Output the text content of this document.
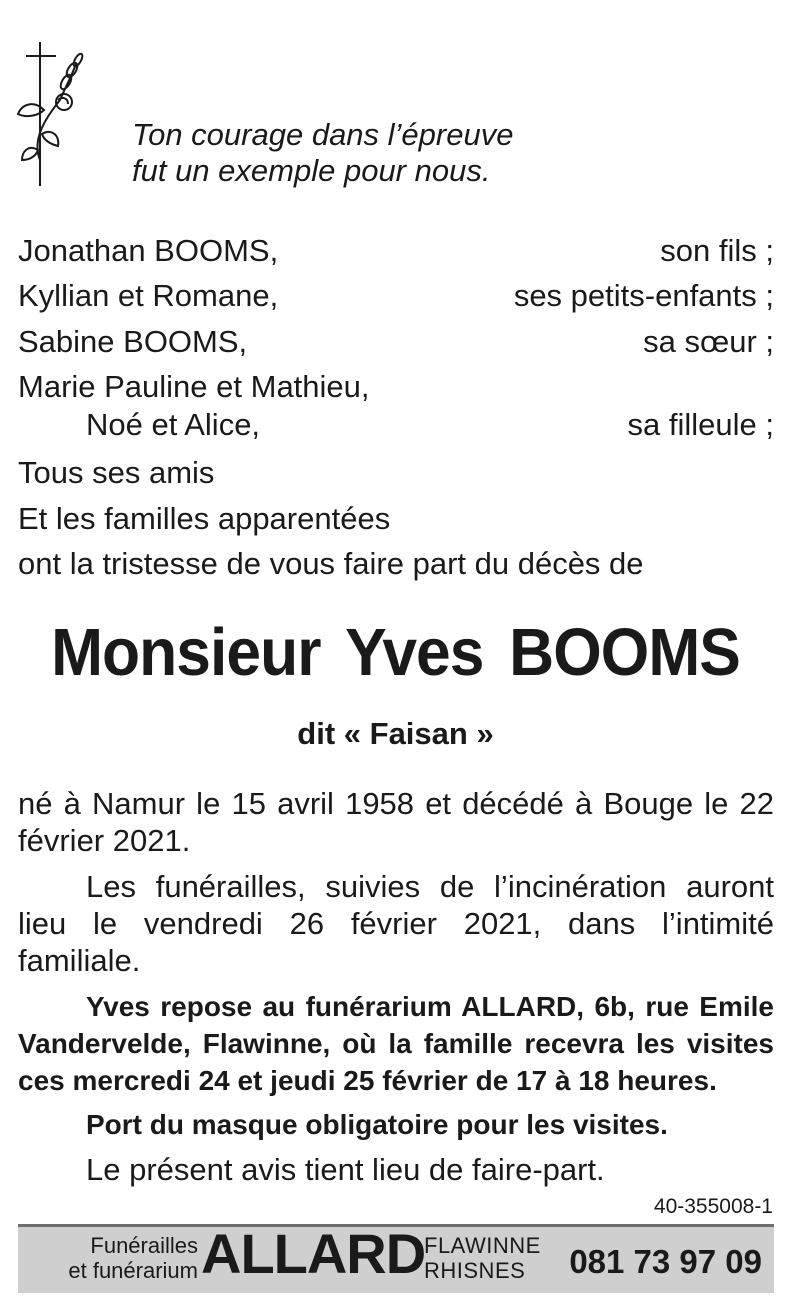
Ton courage dans l’épreuve
fut un exemple pour nous.
Jonathan BOOMS,	son fils ;
Kyllian et Romane,	ses petits-enfants ;
Sabine BOOMS,	sa sœur ;
Marie Pauline et Mathieu,
Noé et Alice,	sa filleule ;
Tous ses amis
Et les familles apparentées
ont la tristesse de vous faire part du décès de
Monsieur Yves BOOMS
dit « Faisan »
né à Namur le 15 avril 1958 et décédé à Bouge le 22 février 2021.
Les funérailles, suivies de l’incinération auront lieu le vendredi 26 février 2021, dans l’intimité familiale.
Yves repose au funérarium ALLARD, 6b, rue Emile Vandervelde, Flawinne, où la famille recevra les visites ces mercredi 24 et jeudi 25 février de 17 à 18 heures.
Port du masque obligatoire pour les visites.
Le présent avis tient lieu de faire-part.
40-355008-1
Funérailles
et funérarium ALLARD
FLAWINNE
RHISNES	081 73 97 09
